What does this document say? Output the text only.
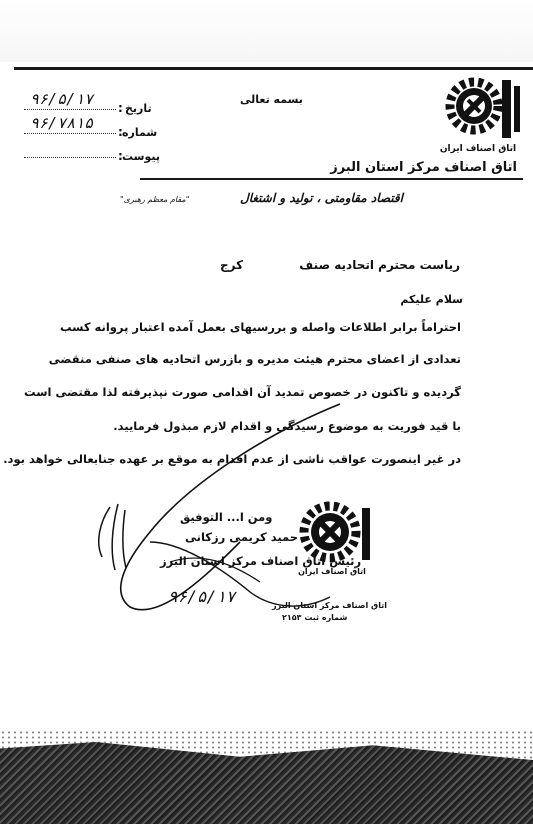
اتاق اصناف ایران
اتاق اصناف مرکز استان البرز
بسمه تعالی
تاریخ
:
۹۶/۵/۱۷
شماره
:
۹۶/۷۸۱۵
پیوست
:
اقتصاد مقاومتی ، تولید و اشتغال
"مقام معظم رهبری"
کرج	ریاست محترم اتحادیه صنف
سلام علیکم
احتراماً برابر اطلاعات واصله و بررسیهای بعمل آمده اعتبار پروانه کسب
تعدادی از اعضای محترم هیئت مدیره و بازرس اتحادیه های صنفی منقضی
گردیده و تاکنون در خصوص تمدید آن اقدامی صورت نپذیرفته لذا مقتضی است
با قید فوریت به موضوع رسیدگی و اقدام لازم مبذول فرمایید.
در غیر اینصورت عواقب ناشی از عدم اقدام به موقع بر عهده جنابعالی خواهد بود.
ومن ا... التوفیق
حمید کریمی رزکانی
رئیس اتاق اصناف مرکز استان البرز
اتاق اصناف ایران
اتاق اصناف مرکز استان البرز
شماره ثبت ۲۱۵۳
۹۶/۵/۱۷
